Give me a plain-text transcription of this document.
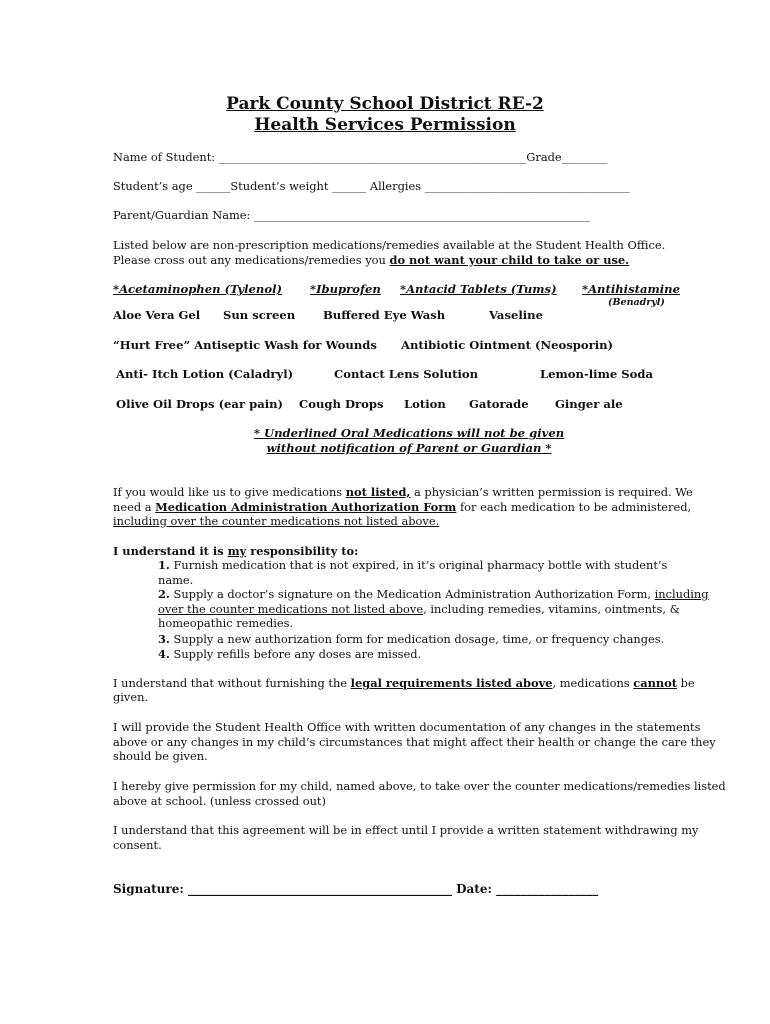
Park County School District RE-2
Health Services Permission
Name of Student: ______________________________________________________Grade________
Student’s age ______Student’s weight ______ Allergies ____________________________________
Parent/Guardian Name: ___________________________________________________________
Listed below are non-prescription medications/remedies available at the Student Health Office.
Please cross out any medications/remedies you do not want your child to take or use.
*Acetaminophen (Tylenol) *Ibuprofen *Antacid Tablets (Tums) *Antihistamine
(Benadryl)
Aloe Vera Gel Sun screen Buffered Eye Wash	Vaseline
“Hurt Free” Antiseptic Wash for Wounds Antibiotic Ointment (Neosporin)
Anti- Itch Lotion (Caladryl)	Contact Lens Solution	Lemon-lime Soda
Olive Oil Drops (ear pain) Cough Drops Lotion Gatorade Ginger ale
* Underlined Oral Medications will not be given
without notification of Parent or Guardian *
If you would like us to give medications not listed, a physician’s written permission is required. We
need a Medication Administration Authorization Form for each medication to be administered,
including over the counter medications not listed above.
I understand it is my responsibility to:
1. Furnish medication that is not expired, in it’s original pharmacy bottle with student’s
name.
2. Supply a doctor’s signature on the Medication Administration Authorization Form, including
over the counter medications not listed above, including remedies, vitamins, ointments, &
homeopathic remedies.
3. Supply a new authorization form for medication dosage, time, or frequency changes.
4. Supply refills before any doses are missed.
I understand that without furnishing the legal requirements listed above, medications cannot be
given.
I will provide the Student Health Office with written documentation of any changes in the statements
above or any changes in my child’s circumstances that might affect their health or change the care they
should be given.
I hereby give permission for my child, named above, to take over the counter medications/remedies listed
above at school. (unless crossed out)
I understand that this agreement will be in effect until I provide a written statement withdrawing my
consent.
Signature: ____________________________________________ Date: _________________
